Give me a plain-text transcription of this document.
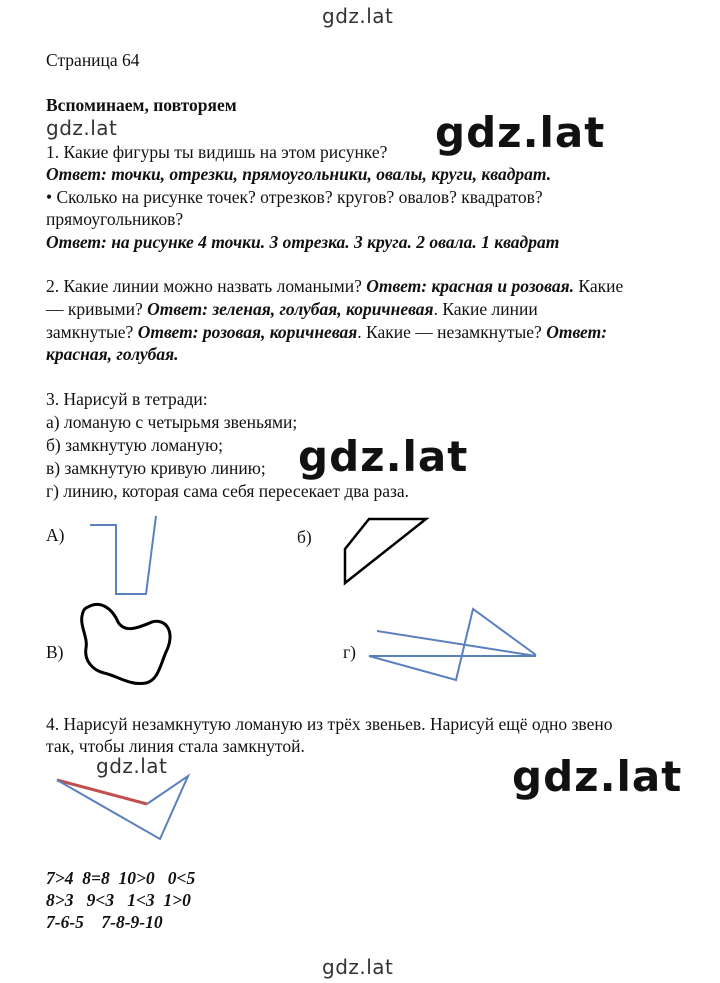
gdz.lat
gdz.lat	gdz.lat
gdz.lat
gdz.lat	gdz.lat
gdz.lat
Страница 64
Вспоминаем, повторяем
1. Какие фигуры ты видишь на этом рисунке?
Ответ: точки, отрезки, прямоугольники, овалы, круги, квадрат.
• Сколько на рисунке точек? отрезков? кругов? овалов? квадратов?
прямоугольников?
Ответ: на рисунке 4 точки. 3 отрезка. 3 круга. 2 овала. 1 квадрат
2. Какие линии можно назвать ломаными? Ответ: красная и розовая. Какие
— кривыми? Ответ: зеленая, голубая, коричневая. Какие линии
замкнутые? Ответ: розовая, коричневая. Какие — незамкнутые? Ответ:
красная, голубая.
3. Нарисуй в тетради:
а) ломаную с четырьмя звеньями;
б) замкнутую ломаную;
в) замкнутую кривую линию;
г) линию, которая сама себя пересекает два раза.
А)	б)
В)	г)
4. Нарисуй незамкнутую ломаную из трёх звеньев. Нарисуй ещё одно звено
так, чтобы линия стала замкнутой.
7>4  8=8  10>0   0<5
8>3   9<3   1<3  1>0
7-6-5    7-8-9-10
